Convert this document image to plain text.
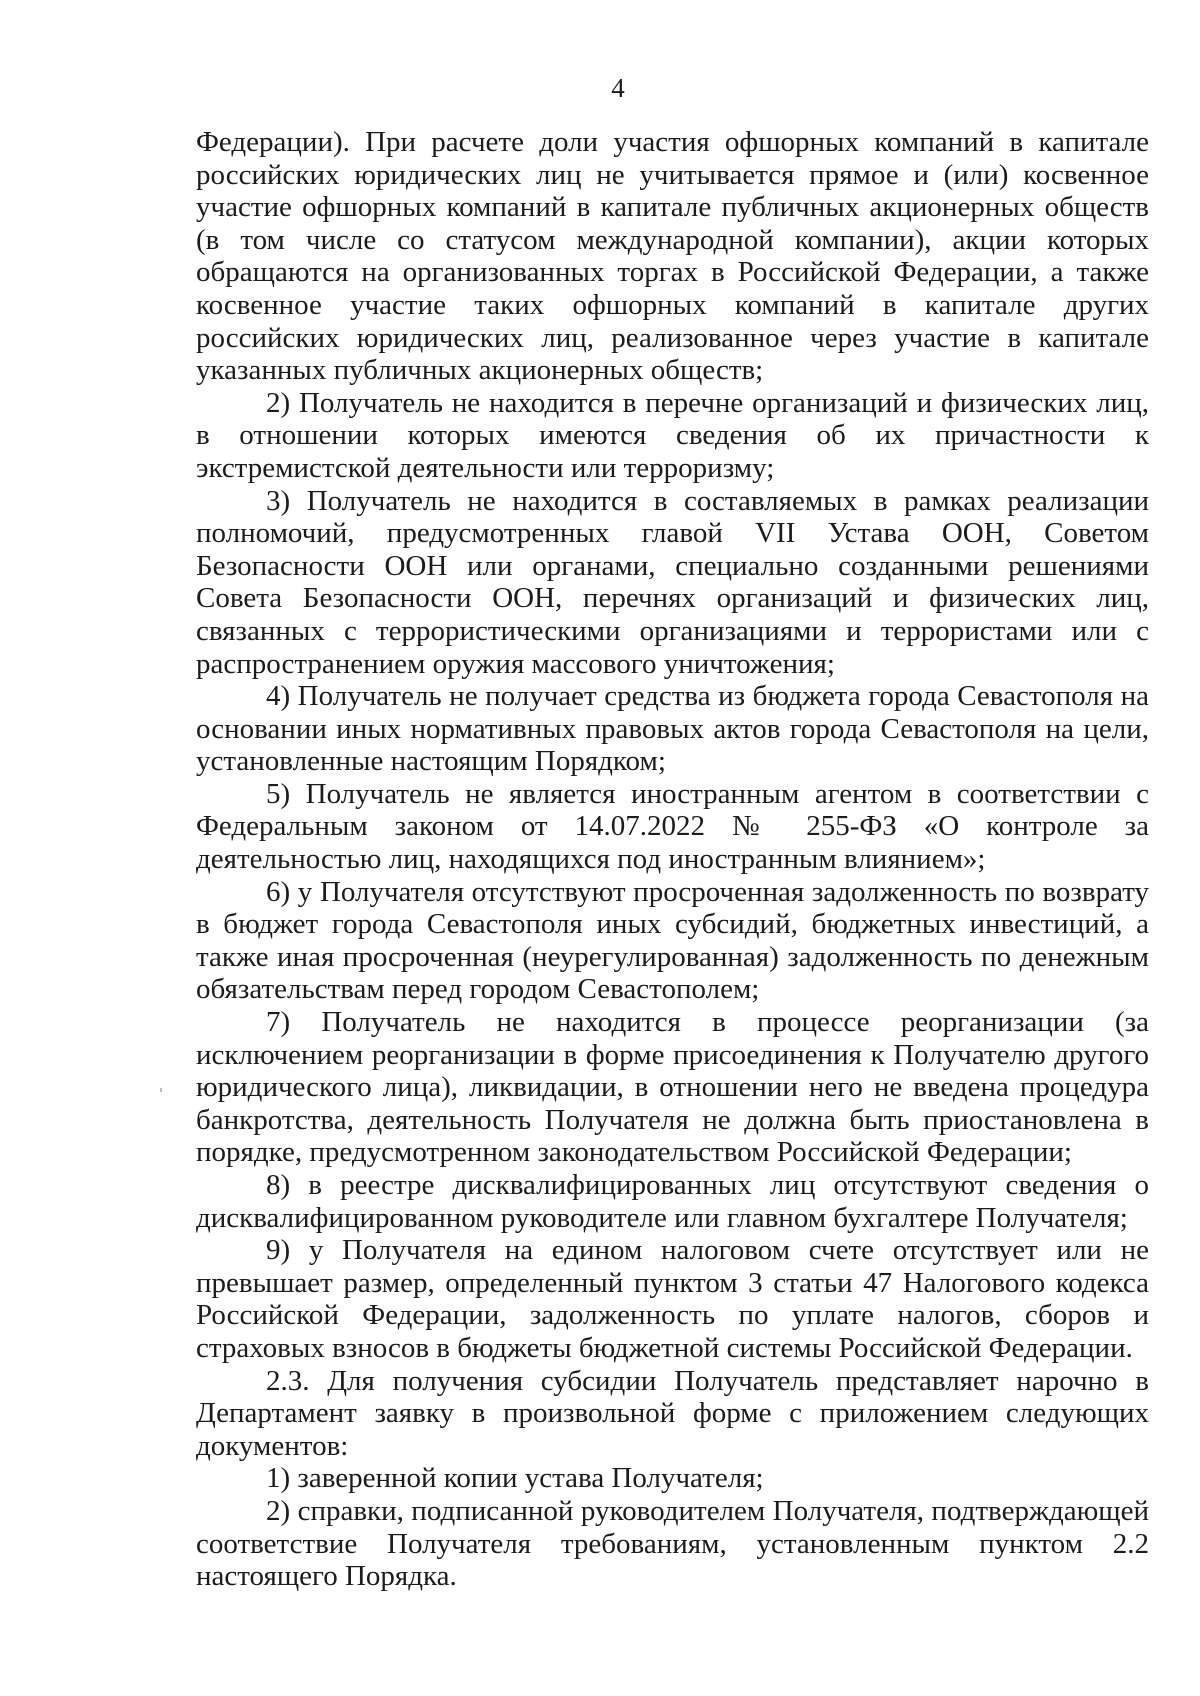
4

Федерации). При расчете доли участия офшорных компаний в капитале российских юридических лиц не учитывается прямое и (или) косвенное участие офшорных компаний в капитале публичных акционерных обществ (в том числе со статусом международной компании), акции которых обращаются на организованных торгах в Российской Федерации, а также косвенное участие таких офшорных компаний в капитале других российских юридических лиц, реализованное через участие в капитале указанных публичных акционерных обществ;

2) Получатель не находится в перечне организаций и физических лиц, в отношении которых имеются сведения об их причастности к экстремистской деятельности или терроризму;

3) Получатель не находится в составляемых в рамках реализации полномочий, предусмотренных главой VII Устава ООН, Советом Безопасности ООН или органами, специально созданными решениями Совета Безопасности ООН, перечнях организаций и физических лиц, связанных с террористическими организациями и террористами или с распространением оружия массового уничтожения;

4) Получатель не получает средства из бюджета города Севастополя на основании иных нормативных правовых актов города Севастополя на цели, установленные настоящим Порядком;

5) Получатель не является иностранным агентом в соответствии с Федеральным законом от 14.07.2022 № 255-ФЗ «О контроле за деятельностью лиц, находящихся под иностранным влиянием»;

6) у Получателя отсутствуют просроченная задолженность по возврату в бюджет города Севастополя иных субсидий, бюджетных инвестиций, а также иная просроченная (неурегулированная) задолженность по денежным обязательствам перед городом Севастополем;

7) Получатель не находится в процессе реорганизации (за исключением реорганизации в форме присоединения к Получателю другого юридического лица), ликвидации, в отношении него не введена процедура банкротства, деятельность Получателя не должна быть приостановлена в порядке, предусмотренном законодательством Российской Федерации;

8) в реестре дисквалифицированных лиц отсутствуют сведения о дисквалифицированном руководителе или главном бухгалтере Получателя;

9) у Получателя на едином налоговом счете отсутствует или не превышает размер, определенный пунктом 3 статьи 47 Налогового кодекса Российской Федерации, задолженность по уплате налогов, сборов и страховых взносов в бюджеты бюджетной системы Российской Федерации.

2.3. Для получения субсидии Получатель представляет нарочно в Департамент заявку в произвольной форме с приложением следующих документов:

1) заверенной копии устава Получателя;

2) справки, подписанной руководителем Получателя, подтверждающей соответствие Получателя требованиям, установленным пунктом 2.2 настоящего Порядка.
